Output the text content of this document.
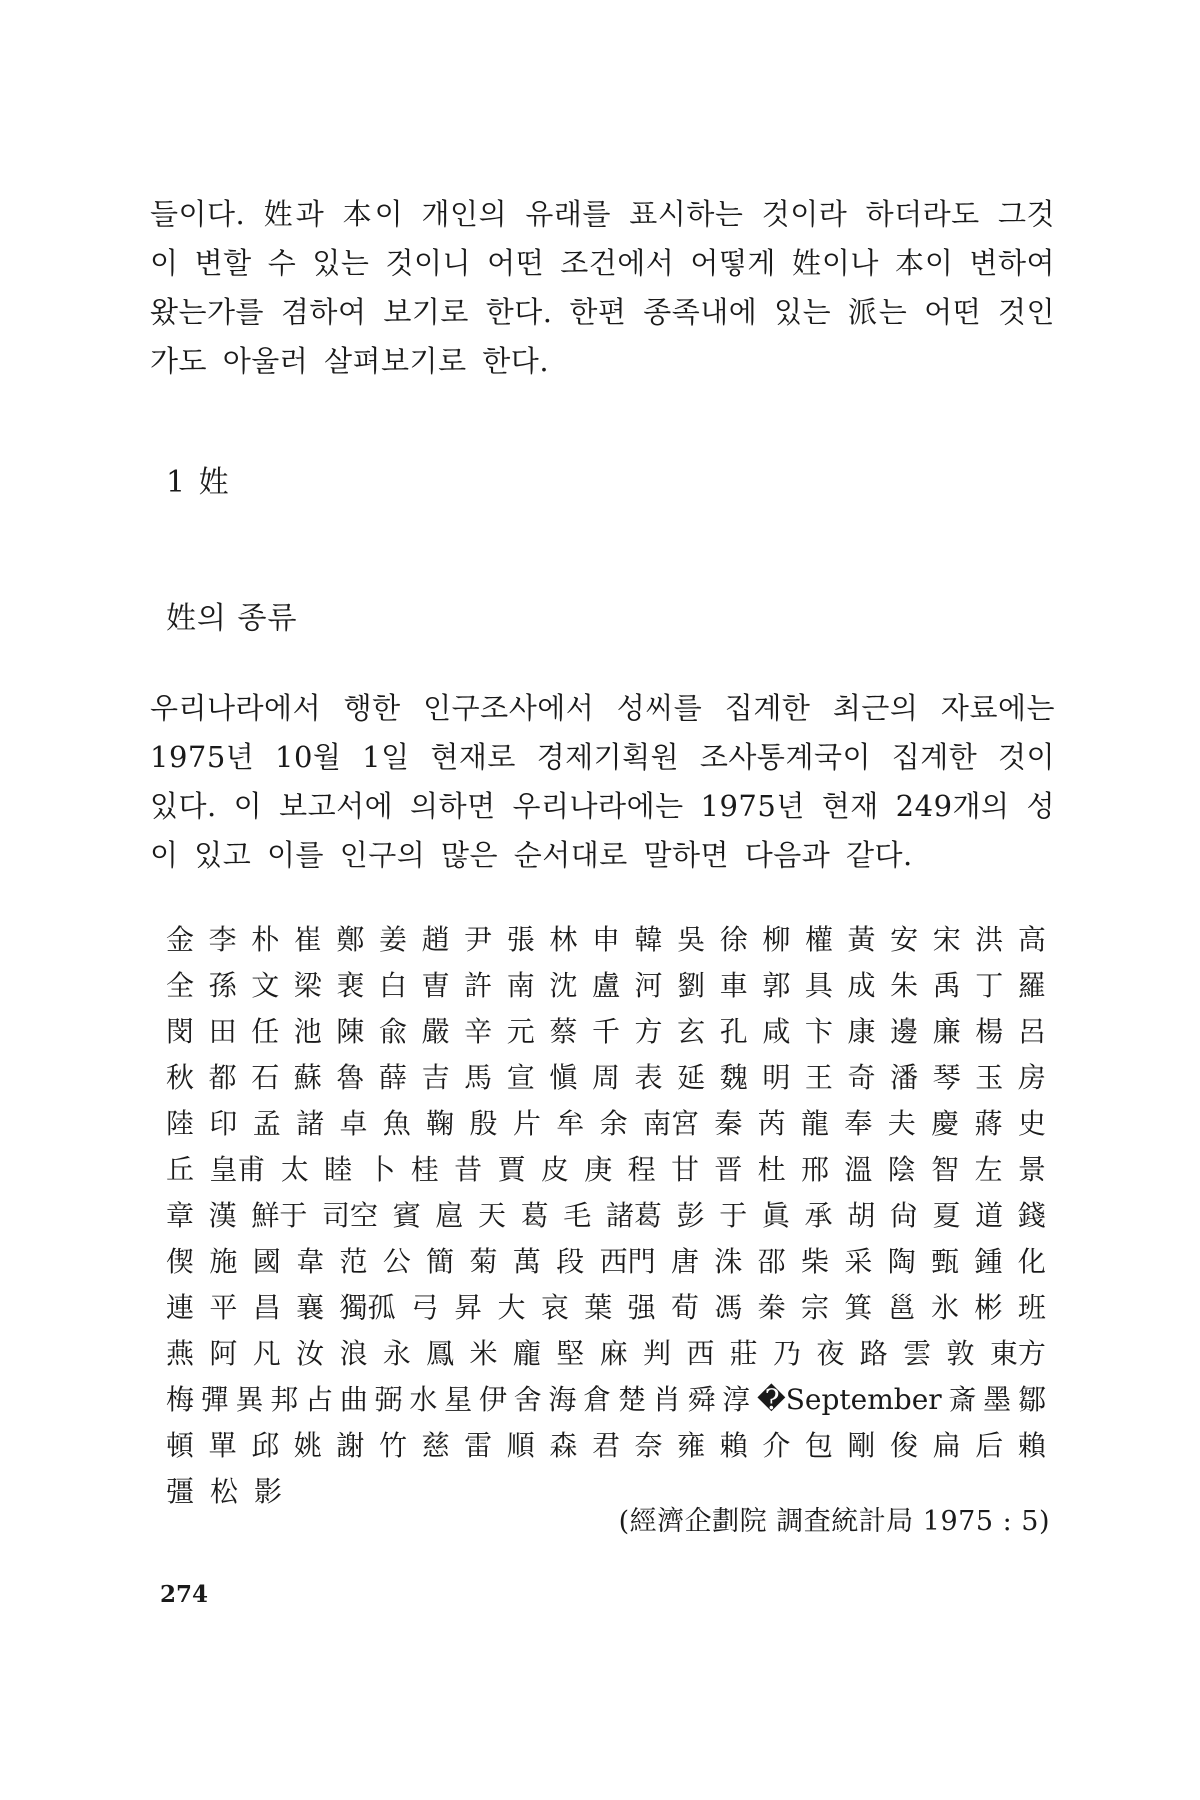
들이다. 姓과 本이 개인의 유래를 표시하는 것이라 하더라도 그것이 변할 수 있는 것이니 어떤 조건에서 어떻게 姓이나 本이 변하여 왔는가를 겸하여 보기로 한다. 한편 종족내에 있는 派는 어떤 것인가도 아울러 살펴보기로 한다.

1 姓
姓의 종류

우리나라에서 행한 인구조사에서 성씨를 집계한 최근의 자료에는 1975년 10월 1일 현재로 경제기획원 조사통계국이 집계한 것이 있다. 이 보고서에 의하면 우리나라에는 1975년 현재 249개의 성이 있고 이를 인구의 많은 순서대로 말하면 다음과 같다.

金 李 朴 崔 鄭 姜 趙 尹 張 林 申 韓 吳 徐 柳 權 黃 安 宋 洪 高
全 孫 文 梁 裵 白 曺 許 南 沈 盧 河 劉 車 郭 具 成 朱 禹 丁 羅
閔 田 任 池 陳 兪 嚴 辛 元 蔡 千 方 玄 孔 咸 卞 康 邊 廉 楊 呂
秋 都 石 蘇 魯 薛 吉 馬 宣 愼 周 表 延 魏 明 王 奇 潘 琴 玉 房
陸 印 孟 諸 卓 魚 鞠 殷 片 牟 余 南宮 秦 芮 龍 奉 夫 慶 蔣 史
丘 皇甫 太 睦 卜 桂 昔 賈 皮 庚 程 甘 晋 杜 邢 溫 陰 智 左 景
章 漢 鮮于 司空 賓 扈 天 葛 毛 諸葛 彭 于 眞 承 胡 尙 夏 道 錢
偰 施 國 韋 范 公 簡 菊 萬 段 西門 唐 洙 邵 柴 采 陶 甄 鍾 化
連 平 昌 襄 獨孤 弓 昇 大 哀 葉 强 荀 馮 桊 宗 箕 邕 氷 彬 班
燕 阿 凡 汝 浪 永 鳳 米 龐 堅 麻 判 西 莊 乃 夜 路 雲 敦 東方
梅 彈 異 邦 占 曲 弼 水 星 伊 舍 海 倉 楚 肖 舜 淳 �September 斎 墨 鄒
頓 單 邱 姚 謝 竹 慈 雷 順 森 君 奈 雍 賴 介 包 剛 俊 扁 后 賴
彊 松 影
(經濟企劃院 調査統計局 1975 : 5)
274
